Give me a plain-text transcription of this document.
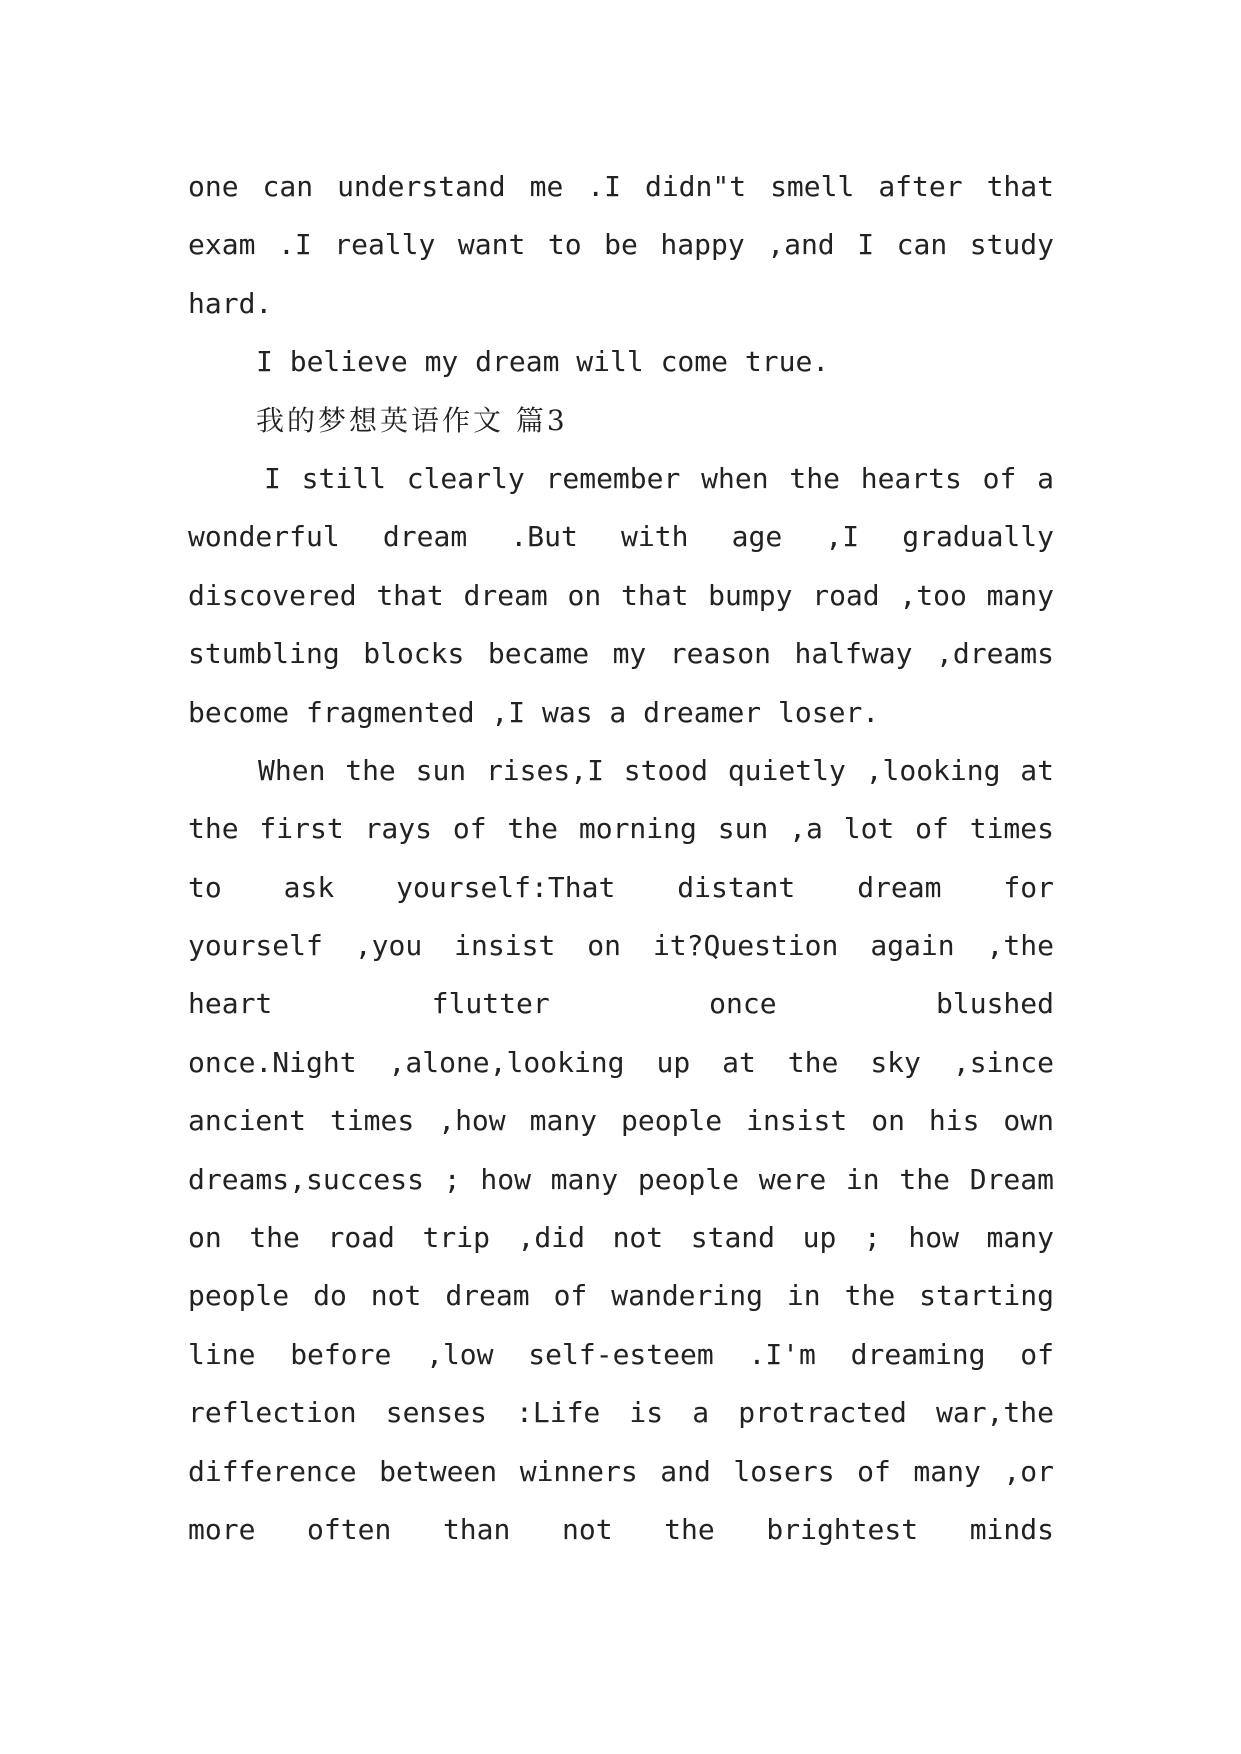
one can understand me .I didn"t smell after that
exam .I really want to be happy ,and I can study
hard.
I believe my dream will come true.
我的梦想英语作文 篇3
I still clearly remember when the hearts of a
wonderful dream .But with age ,I gradually
discovered that dream on that bumpy road ,too many
stumbling blocks became my reason halfway ,dreams
become fragmented ,I was a dreamer loser.
When the sun rises,I stood quietly ,looking at
the first rays of the morning sun ,a lot of times
to ask yourself:That distant dream for
yourself ,you insist on it?Question again ,the
heart flutter once blushed
once.Night ,alone,looking up at the sky ,since
ancient times ,how many people insist on his own
dreams,success ; how many people were in the Dream
on the road trip ,did not stand up ; how many
people do not dream of wandering in the starting
line before ,low self-esteem .I'm dreaming of
reflection senses :Life is a protracted war,the
difference between winners and losers of many ,or
more often than not the brightest minds
